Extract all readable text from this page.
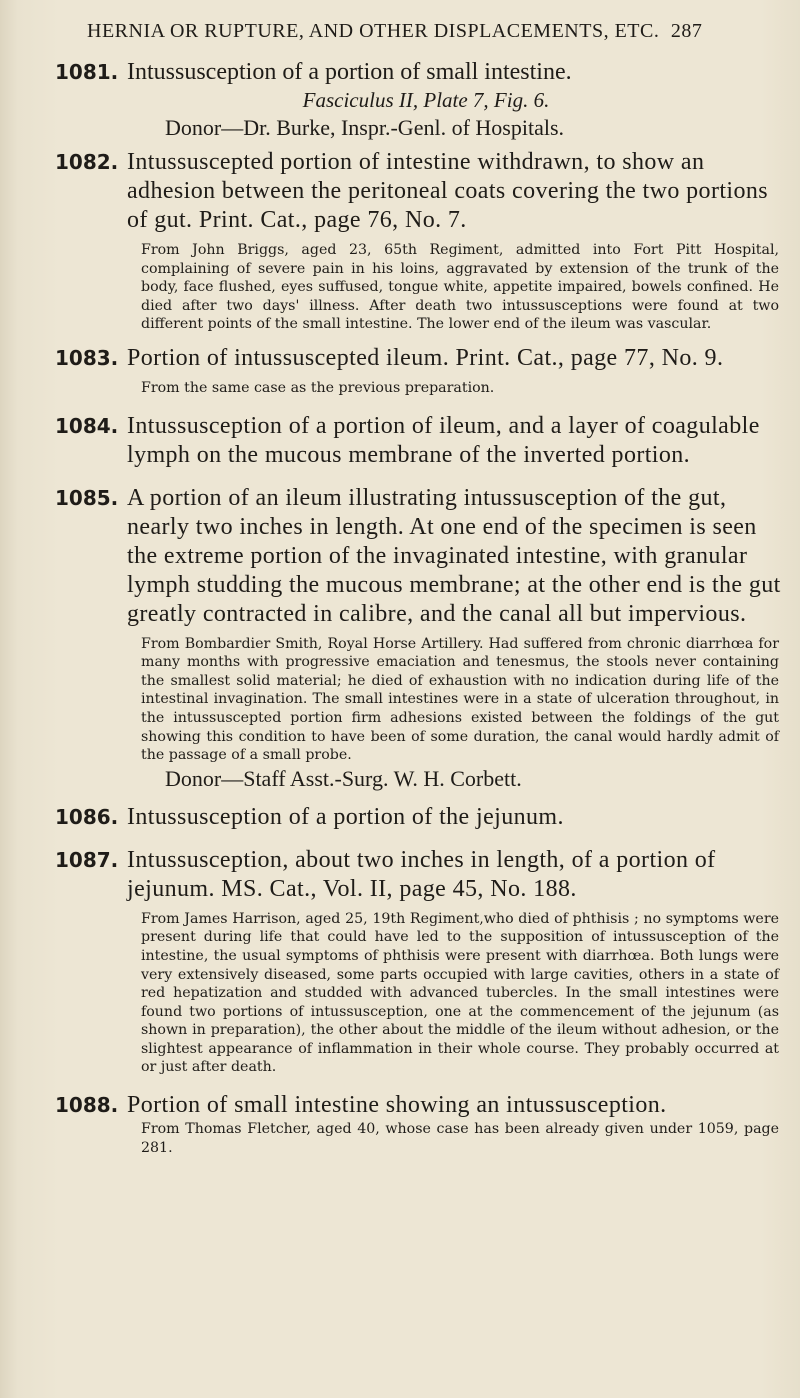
HERNIA OR RUPTURE, AND OTHER DISPLACEMENTS, ETC. 287
1081. Intussusception of a portion of small intestine.
Fasciculus II, Plate 7, Fig. 6.
Donor—Dr. Burke, Inspr.-Genl. of Hospitals.
1082. Intussuscepted portion of intestine withdrawn, to show an adhesion between the peritoneal coats covering the two portions of gut. Print. Cat., page 76, No. 7.
From John Briggs, aged 23, 65th Regiment, admitted into Fort Pitt Hospital, complaining of severe pain in his loins, aggravated by extension of the trunk of the body, face flushed, eyes suffused, tongue white, appetite impaired, bowels confined. He died after two days' illness. After death two intussusceptions were found at two different points of the small intestine. The lower end of the ileum was vascular.
1083. Portion of intussuscepted ileum. Print. Cat., page 77, No. 9.
From the same case as the previous preparation.
1084. Intussusception of a portion of ileum, and a layer of coagulable lymph on the mucous membrane of the inverted portion.
1085. A portion of an ileum illustrating intussusception of the gut, nearly two inches in length. At one end of the specimen is seen the extreme portion of the invaginated intestine, with granular lymph studding the mucous membrane; at the other end is the gut greatly contracted in calibre, and the canal all but impervious.
From Bombardier Smith, Royal Horse Artillery. Had suffered from chronic diarrhœa for many months with progressive emaciation and tenesmus, the stools never containing the smallest solid material; he died of exhaustion with no indication during life of the intestinal invagination. The small intestines were in a state of ulceration throughout, in the intussuscepted portion firm adhesions existed between the foldings of the gut showing this condition to have been of some duration, the canal would hardly admit of the passage of a small probe.
Donor—Staff Asst.-Surg. W. H. Corbett.
1086. Intussusception of a portion of the jejunum.
1087. Intussusception, about two inches in length, of a portion of jejunum. MS. Cat., Vol. II, page 45, No. 188.
From James Harrison, aged 25, 19th Regiment,who died of phthisis ; no symptoms were present during life that could have led to the supposition of intussusception of the intestine, the usual symptoms of phthisis were present with diarrhœa. Both lungs were very extensively diseased, some parts occupied with large cavities, others in a state of red hepatization and studded with advanced tubercles. In the small intestines were found two portions of intussusception, one at the commencement of the jejunum (as shown in preparation), the other about the middle of the ileum without adhesion, or the slightest appearance of inflammation in their whole course. They probably occurred at or just after death.
1088. Portion of small intestine showing an intussusception.
From Thomas Fletcher, aged 40, whose case has been already given under 1059, page 281.
